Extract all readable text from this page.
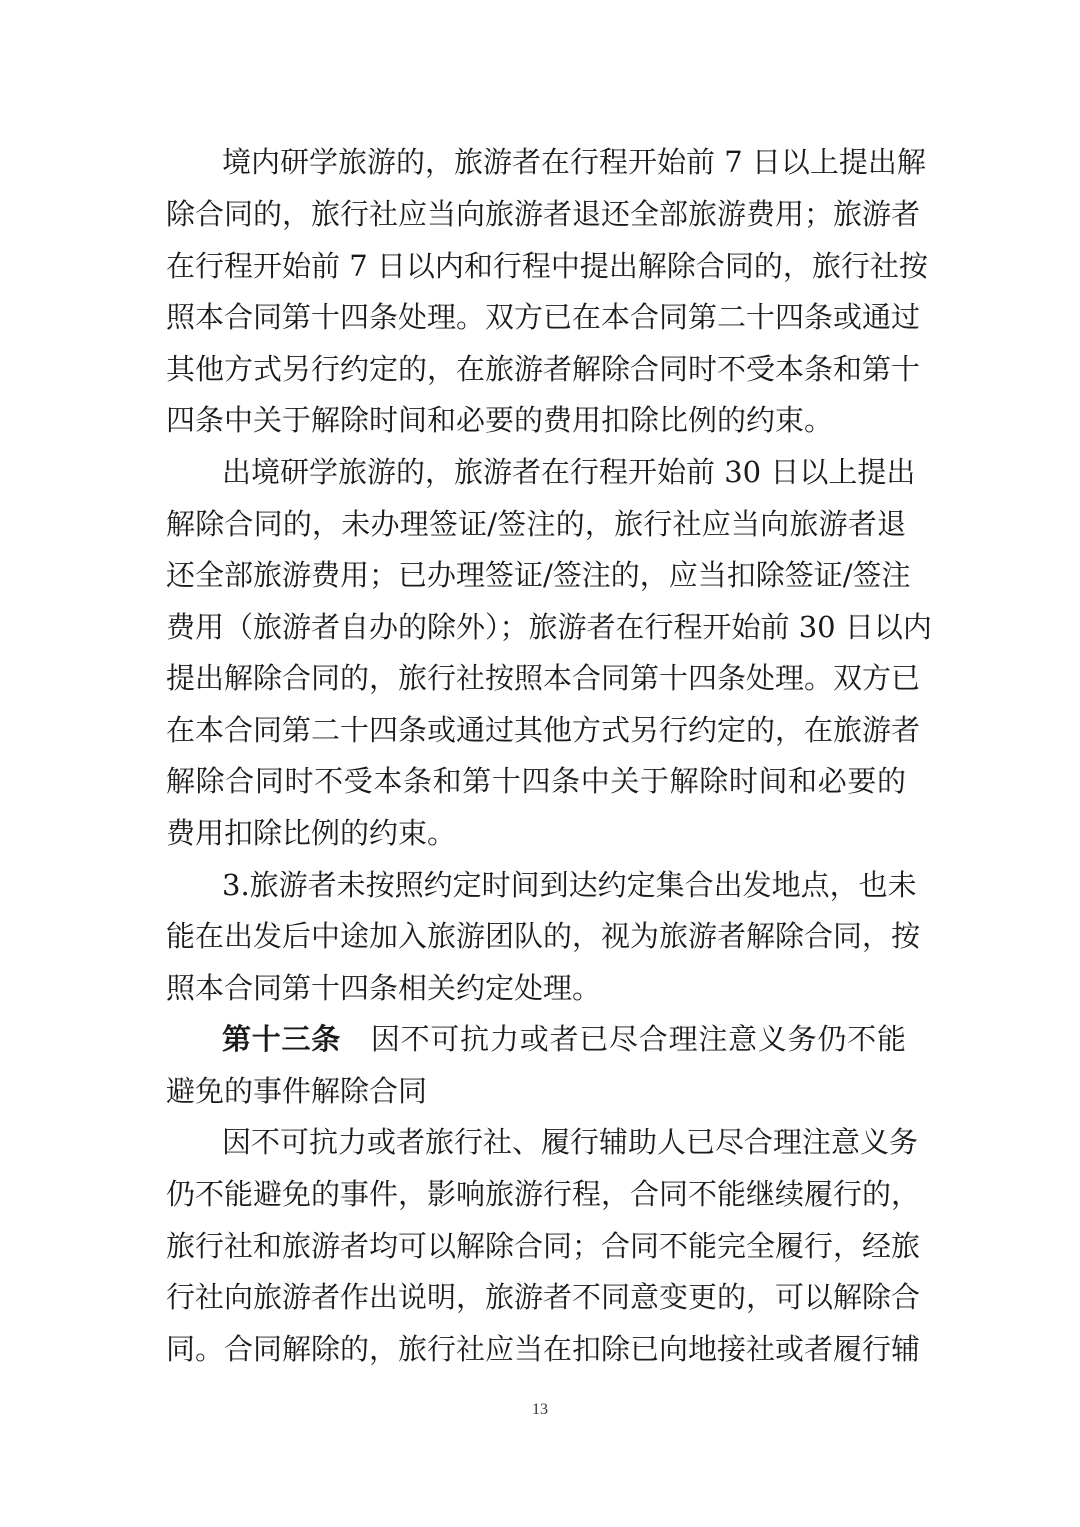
境内研学旅游的，旅游者在行程开始前 7 日以上提出解
除合同的，旅行社应当向旅游者退还全部旅游费用；旅游者
在行程开始前 7 日以内和行程中提出解除合同的，旅行社按
照本合同第十四条处理。双方已在本合同第二十四条或通过
其他方式另行约定的，在旅游者解除合同时不受本条和第十
四条中关于解除时间和必要的费用扣除比例的约束。
出境研学旅游的，旅游者在行程开始前 30 日以上提出
解除合同的，未办理签证/签注的，旅行社应当向旅游者退
还全部旅游费用；已办理签证/签注的，应当扣除签证/签注
费用（旅游者自办的除外）；旅游者在行程开始前 30 日以内
提出解除合同的，旅行社按照本合同第十四条处理。双方已
在本合同第二十四条或通过其他方式另行约定的，在旅游者
解除合同时不受本条和第十四条中关于解除时间和必要的
费用扣除比例的约束。
3.旅游者未按照约定时间到达约定集合出发地点，也未
能在出发后中途加入旅游团队的，视为旅游者解除合同，按
照本合同第十四条相关约定处理。
第十三条　 因不可抗力或者已尽合理注意义务仍不能
避免的事件解除合同
因不可抗力或者旅行社、履行辅助人已尽合理注意义务
仍不能避免的事件，影响旅游行程，合同不能继续履行的，
旅行社和旅游者均可以解除合同；合同不能完全履行，经旅
行社向旅游者作出说明，旅游者不同意变更的，可以解除合
同。合同解除的，旅行社应当在扣除已向地接社或者履行辅
13
